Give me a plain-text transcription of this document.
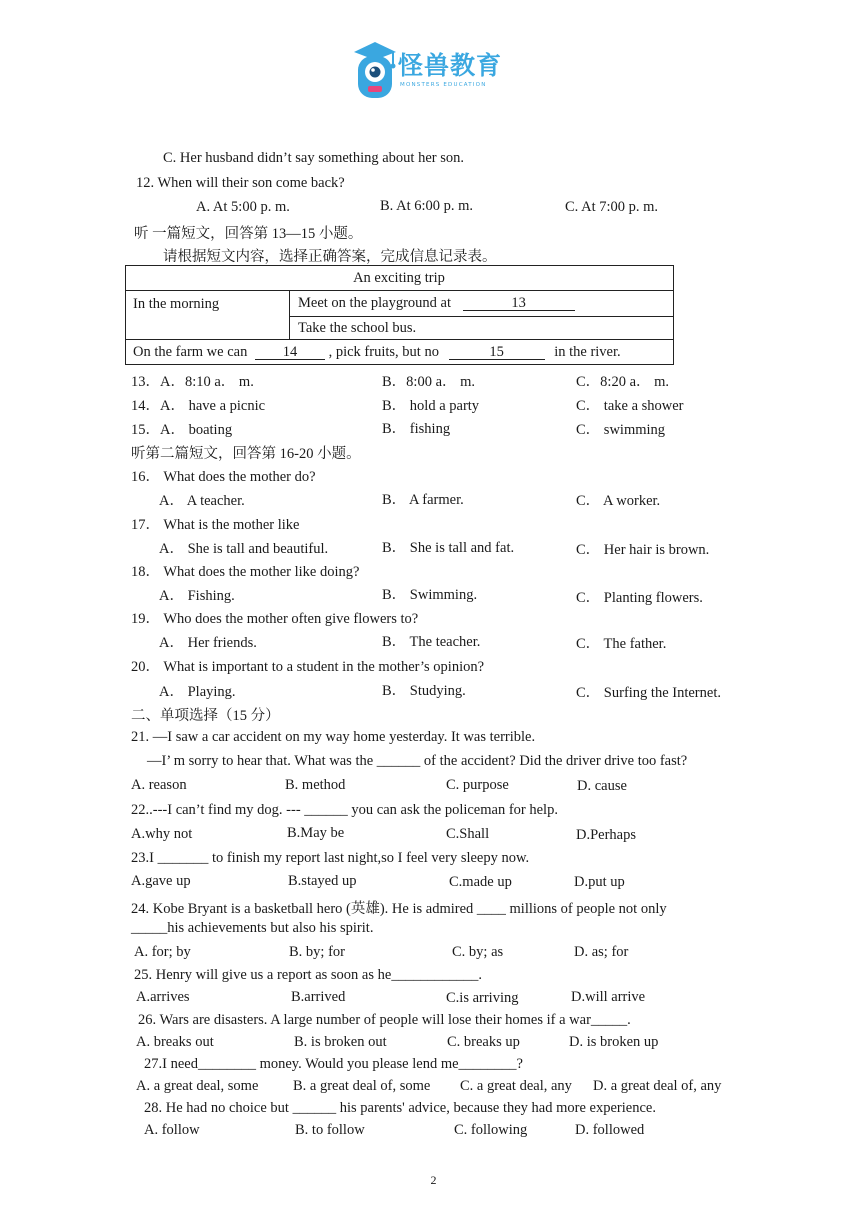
怪兽教育
MONSTERS EDUCATION
C. Her husband didn’t say something about her son.
12. When will their son come back?
A. At 5:00 p. m.	B. At 6:00 p. m.	C. At 7:00 p. m.
听 一篇短文，回答第 13—15 小题。
请根据短文内容，选择正确答案，完成信息记录表。
13．A．8:10 a． m.	B．8:00 a． m.	C．8:20 a． m.
14．A． have a picnic	B． hold a party	C． take a shower
15．A． boating	B． fishing	C． swimming
听第二篇短文，回答第 16-20 小题。
16． What does the mother do?
A． A teacher.	B． A farmer.	C． A worker.
17． What is the mother like
A． She is tall and beautiful.	B． She is tall and fat.	C． Her hair is brown.
18． What does the mother like doing?
A． Fishing.	B． Swimming.	C． Planting flowers.
19． Who does the mother often give flowers to?
A． Her friends.	B． The teacher.	C． The father.
20． What is important to a student in the mother’s opinion?
A． Playing.	B． Studying.	C． Surfing the Internet.
二、单项选择（15 分）
21. —I saw a car accident on my way home yesterday. It was terrible.
—I’ m sorry to hear that. What was the ______ of the accident? Did the driver drive too fast?
A. reason	B. method	C. purpose	D. cause
22..---I can’t find my dog. --- ______ you can ask the policeman for help.
A.why not	B.May be	C.Shall	D.Perhaps
23.I _______ to finish my report last night,so I feel very sleepy now.
A.gave up	B.stayed up	C.made up	D.put up
24. Kobe Bryant is a basketball hero (英雄). He is admired ____ millions of people not only
_____his achievements but also his spirit.
A. for; by	B. by; for	C. by; as	D. as; for
25. Henry will give us a report as soon as he____________.
A.arrives	B.arrived	C.is arriving	D.will arrive
26. Wars are disasters. A large number of people will lose their homes if a war_____.
A. breaks out	B. is broken out	C. breaks up	D. is broken up
27.I need________ money. Would you please lend me________?
A. a great deal, some B. a great deal of, some C. a great deal, any D. a great deal of, any
28. He had no choice but ______ his parents' advice, because they had more experience.
A. follow	B. to follow	C. following	D. followed
An exciting trip
In the morning	Meet on the playground at	13
Take the school bus.
On the farm we can 14 , pick fruits, but no	15	in the river.
2
